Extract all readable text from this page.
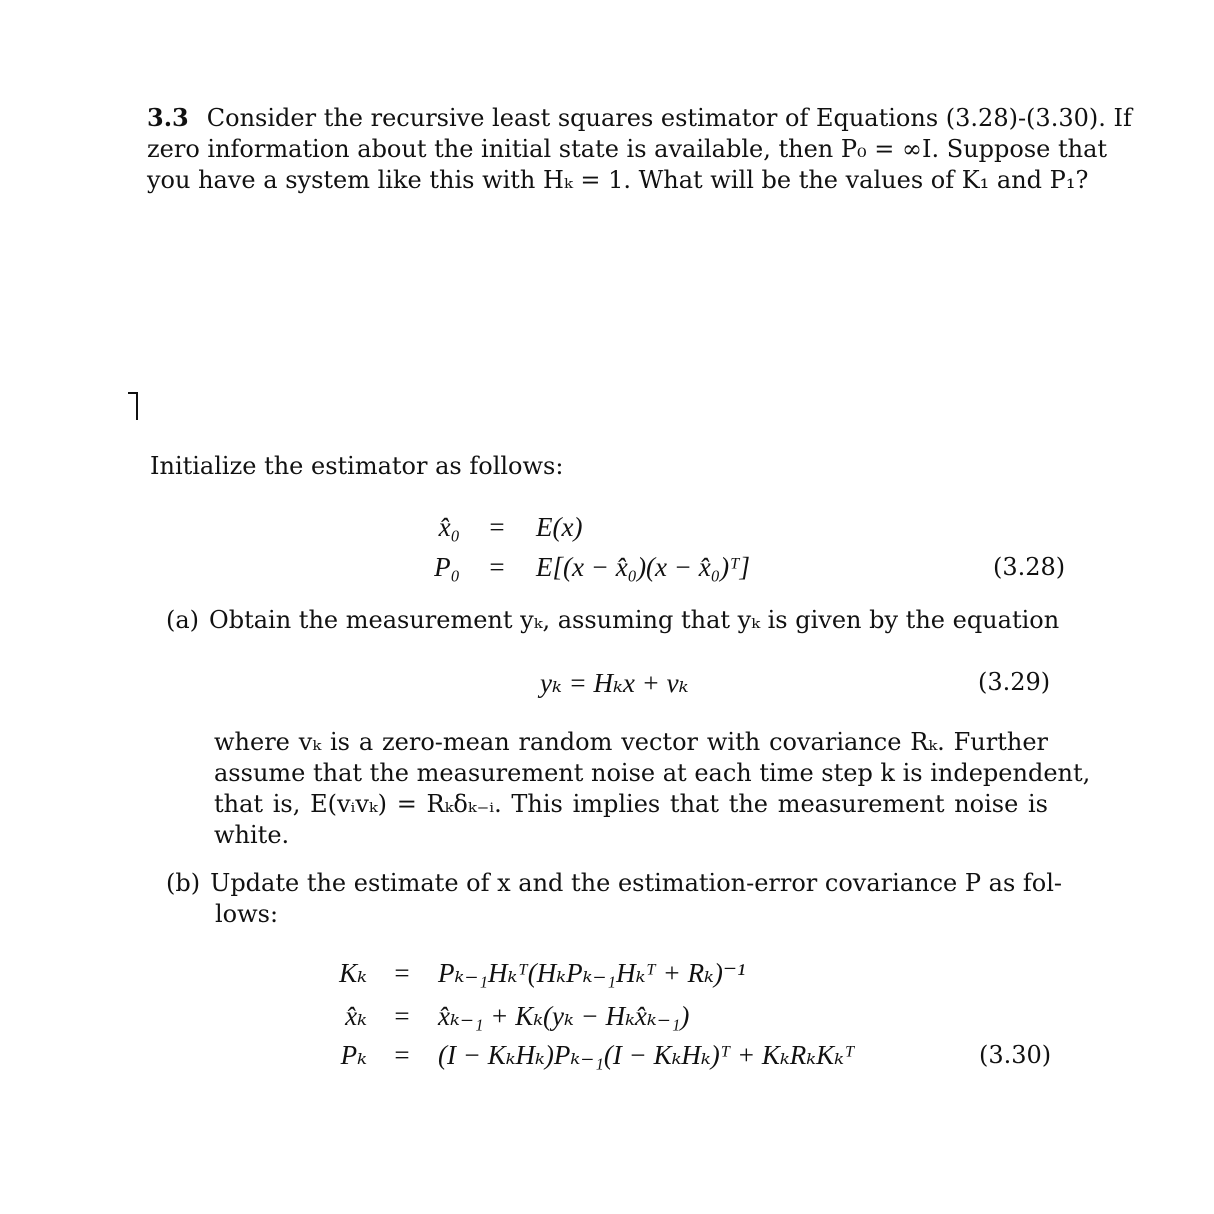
3.3 Consider the recursive least squares estimator of Equations (3.28)-(3.30). If
zero information about the initial state is available, then P₀ = ∞I. Suppose that
you have a system like this with Hₖ = 1. What will be the values of K₁ and P₁?
Initialize the estimator as follows:
x̂₀ = E(x)
P₀ = E[(x − x̂₀)(x − x̂₀)ᵀ]	(3.28)
(a) Obtain the measurement yₖ, assuming that yₖ is given by the equation
yₖ = Hₖx + vₖ	(3.29)
where vₖ is a zero-mean random vector with covariance Rₖ. Further
assume that the measurement noise at each time step k is independent,
that is, E(vᵢvₖ) = Rₖδₖ₋ᵢ. This implies that the measurement noise is
white.
(b) Update the estimate of x and the estimation-error covariance P as fol-
lows:
Kₖ = Pₖ₋₁Hₖᵀ(HₖPₖ₋₁Hₖᵀ + Rₖ)⁻¹
x̂ₖ = x̂ₖ₋₁ + Kₖ(yₖ − Hₖx̂ₖ₋₁)
Pₖ = (I − KₖHₖ)Pₖ₋₁(I − KₖHₖ)ᵀ + KₖRₖKₖᵀ	(3.30)
